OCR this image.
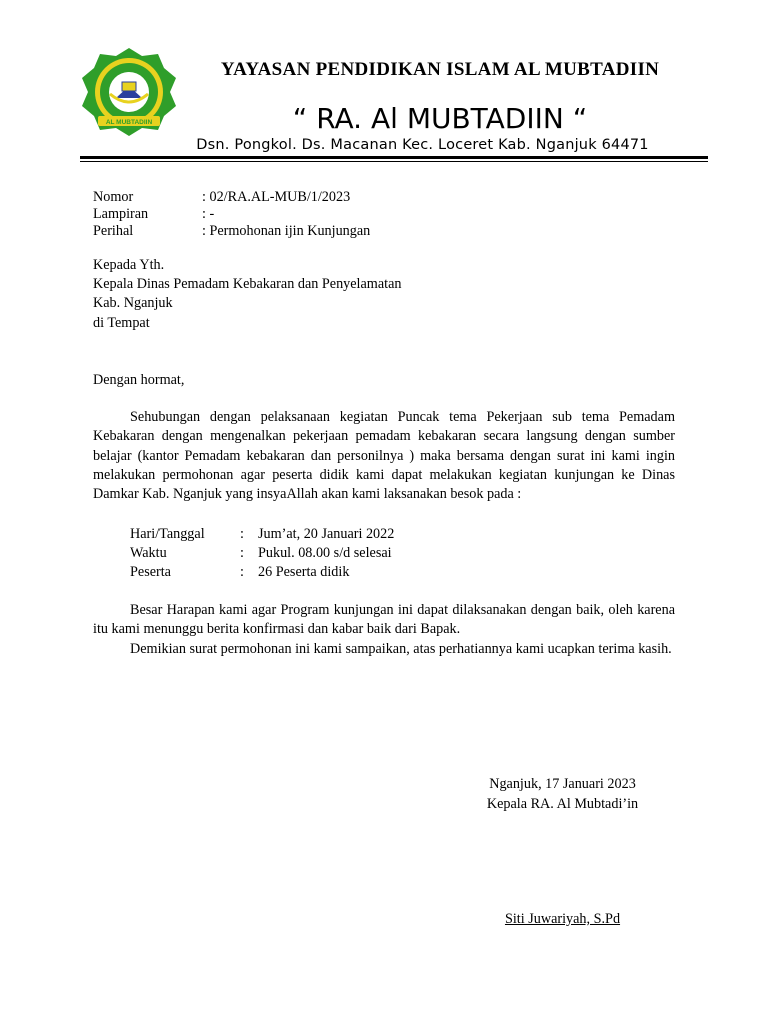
AL MUBTADIIN
YAYASAN PENDIDIKAN ISLAM AL MUBTADIIN
“ RA. Al MUBTADIIN “
Dsn. Pongkol. Ds. Macanan Kec. Loceret Kab. Nganjuk 64471
Nomor	: 02/RA.AL-MUB/1/2023
Lampiran	: -
Perihal	: Permohonan ijin Kunjungan
Kepada Yth.
Kepala Dinas Pemadam Kebakaran dan Penyelamatan
Kab. Nganjuk
di Tempat
Dengan hormat,
Sehubungan dengan pelaksanaan kegiatan Puncak tema Pekerjaan sub tema Pemadam Kebakaran dengan mengenalkan pekerjaan pemadam kebakaran secara langsung dengan sumber belajar (kantor Pemadam kebakaran dan personilnya ) maka bersama dengan surat ini kami ingin melakukan permohonan agar peserta didik kami dapat melakukan kegiatan kunjungan ke Dinas Damkar Kab. Nganjuk yang insyaAllah akan kami laksanakan besok pada :
Hari/Tanggal : Jum’at, 20 Januari 2022
Waktu	: Pukul. 08.00 s/d selesai
Peserta	: 26 Peserta didik
Besar Harapan kami agar Program kunjungan ini dapat dilaksanakan dengan baik, oleh karena itu kami menunggu berita konfirmasi dan kabar baik dari Bapak.
Demikian surat permohonan ini kami sampaikan, atas perhatiannya kami ucapkan terima kasih.
Nganjuk, 17 Januari 2023
Kepala RA. Al Mubtadi’in
Siti Juwariyah, S.Pd
